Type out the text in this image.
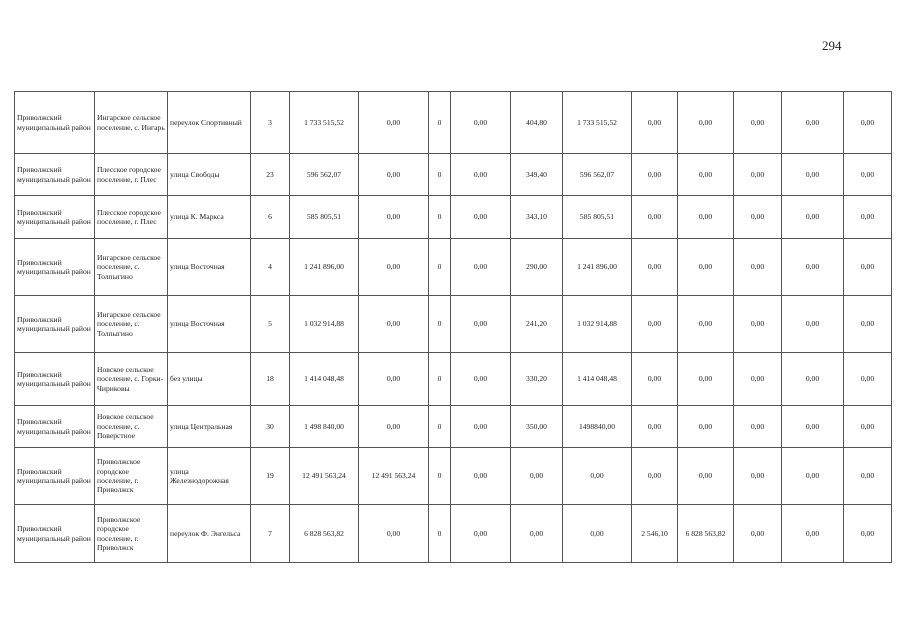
294
Приволжский муниципальный район	Ингарское сельское поселение, с. Ингарь	переулок Спортивный	3	1 733 515,52	0,00	0	0,00	404,80	1 733 515,52	0,00	0,00	0,00	0,00	0,00
Приволжский муниципальный район	Плесское городское поселение, г. Плес	улица Свободы	23	596 562,07	0,00	0	0,00	349,40	596 562,07	0,00	0,00	0,00	0,00	0,00
Приволжский муниципальный район	Плесское городское поселение, г. Плес	улица К. Маркса	6	585 805,51	0,00	0	0,00	343,10	585 805,51	0,00	0,00	0,00	0,00	0,00
Приволжский муниципальный район	Ингарское сельское поселение, с. Толпыгино	улица Восточная	4	1 241 896,00	0,00	0	0,00	290,00	1 241 896,00	0,00	0,00	0,00	0,00	0,00
Приволжский муниципальный район	Ингарское сельское поселение, с. Толпыгино	улица Восточная	5	1 032 914,88	0,00	0	0,00	241,20	1 032 914,88	0,00	0,00	0,00	0,00	0,00
Приволжский муниципальный район	Новское сельское поселение, с. Горки-Чириковы	без улицы	18	1 414 048,48	0,00	0	0,00	330,20	1 414 048,48	0,00	0,00	0,00	0,00	0,00
Приволжский муниципальный район	Новское сельское поселение, с. Поверстное	улица Центральная	30	1 498 840,00	0,00	0	0,00	350,00	1498840,00	0,00	0,00	0,00	0,00	0,00
Приволжский муниципальный район	Приволжское городское поселение, г. Приволжск	улица Железнодорожная	19	12 491 563,24	12 491 563,24	0	0,00	0,00	0,00	0,00	0,00	0,00	0,00	0,00
Приволжский муниципальный район	Приволжское городское поселение, г. Приволжск	переулок Ф. Энгельса	7	6 828 563,82	0,00	0	0,00	0,00	0,00	2 546,10	6 828 563,82	0,00	0,00	0,00
